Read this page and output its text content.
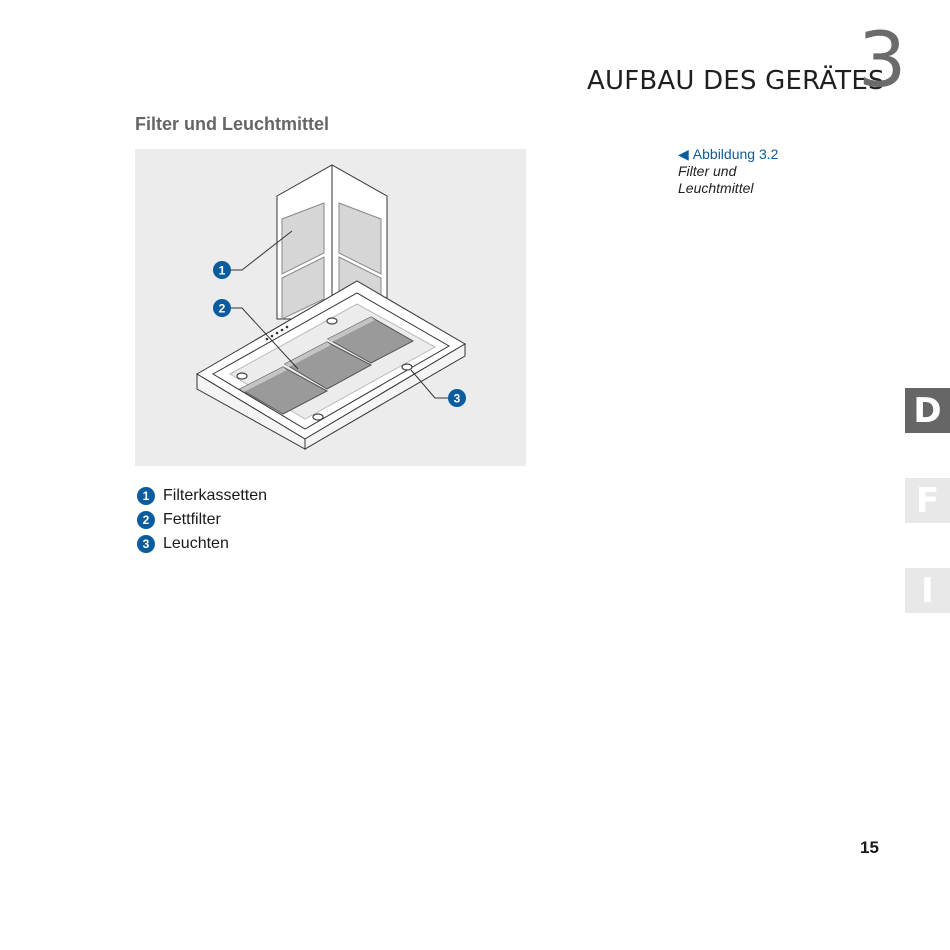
AUFBAU DES GERÄTES
3
Filter und Leuchtmittel
1
2
3
◀ Abbildung 3.2
Filter und Leuchtmittel
1 Filterkassetten
2 Fettfilter
3 Leuchten
D
F
I
15
